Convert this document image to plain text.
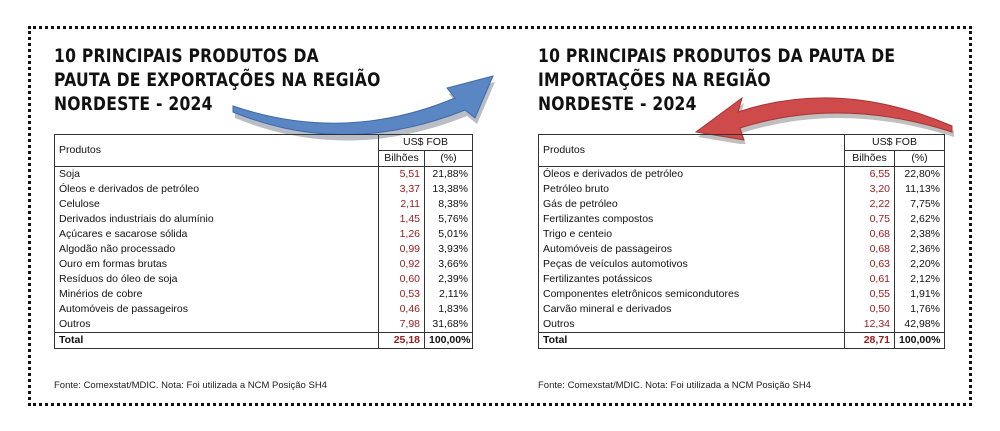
10 PRINCIPAIS PRODUTOS DA
PAUTA DE EXPORTAÇÕES NA REGIÃO
NORDESTE - 2024
Produtos	US$ FOB	
	Bilhões	(%)
Soja	5,51	21,88%
Óleos e derivados de petróleo	3,37	13,38%
Celulose	2,11	8,38%
Derivados industriais do alumínio	1,45	5,76%
Açúcares e sacarose sólida	1,26	5,01%
Algodão não processado	0,99	3,93%
Ouro em formas brutas	0,92	3,66%
Resíduos do óleo de soja	0,60	2,39%
Minérios de cobre	0,53	2,11%
Automóveis de passageiros	0,46	1,83%
Outros	7,98	31,68%
Total	25,18	100,00%
Fonte: Comexstat/MDIC. Nota: Foi utilizada a NCM Posição SH4
10 PRINCIPAIS PRODUTOS DA PAUTA DE
IMPORTAÇÕES NA REGIÃO
NORDESTE - 2024
Produtos	US$ FOB	
	Bilhões	(%)
Óleos e derivados de petróleo	6,55	22,80%
Petróleo bruto	3,20	11,13%
Gás de petróleo	2,22	7,75%
Fertilizantes compostos	0,75	2,62%
Trigo e centeio	0,68	2,38%
Automóveis de passageiros	0,68	2,36%
Peças de veículos automotivos	0,63	2,20%
Fertilizantes potássicos	0,61	2,12%
Componentes eletrônicos semicondutores	0,55	1,91%
Carvão mineral e derivados	0,50	1,76%
Outros	12,34	42,98%
Total	28,71	100,00%
Fonte: Comexstat/MDIC. Nota: Foi utilizada a NCM Posição SH4
